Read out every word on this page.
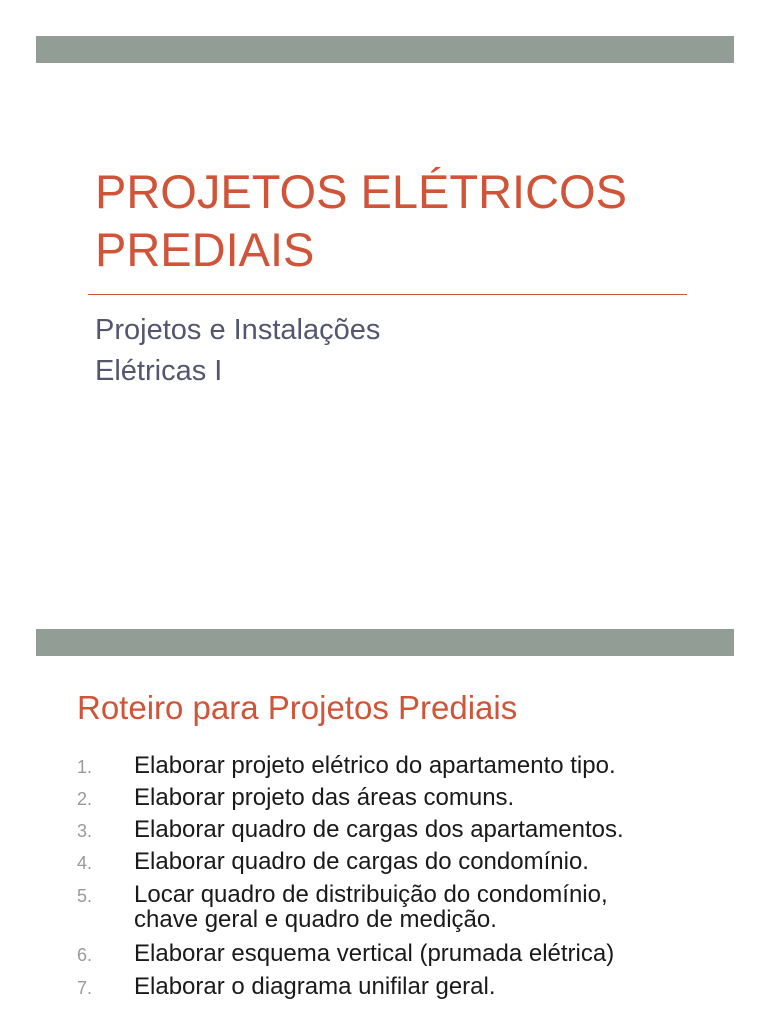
PROJETOS ELÉTRICOS
PREDIAIS
Projetos e Instalações
Elétricas I
Roteiro para Projetos Prediais
1. Elaborar projeto elétrico do apartamento tipo.
2. Elaborar projeto das áreas comuns.
3. Elaborar quadro de cargas dos apartamentos.
4. Elaborar quadro de cargas do condomínio.
5. Locar quadro de distribuição do condomínio,
chave geral e quadro de medição.
6. Elaborar esquema vertical (prumada elétrica)
7. Elaborar o diagrama unifilar geral.
